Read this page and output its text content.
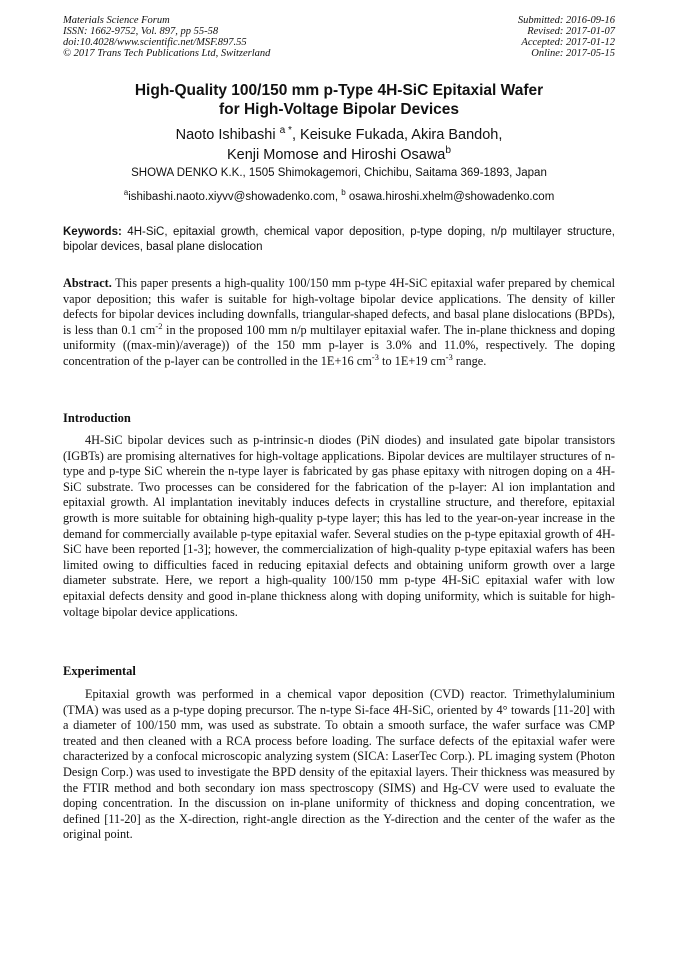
Materials Science Forum
ISSN: 1662-9752, Vol. 897, pp 55-58
doi:10.4028/www.scientific.net/MSF.897.55
© 2017 Trans Tech Publications Ltd, Switzerland
Submitted: 2016-09-16
Revised: 2017-01-07
Accepted: 2017-01-12
Online: 2017-05-15
High-Quality 100/150 mm p-Type 4H-SiC Epitaxial Wafer
for High-Voltage Bipolar Devices
Naoto Ishibashi $^{a *}$, Keisuke Fukada, Akira Bandoh,
Kenji Momose and Hiroshi Osawa$^b$
SHOWA DENKO K.K., 1505 Shimokagemori, Chichibu, Saitama 369-1893, Japan
$^a$ishibashi.naoto.xiyvv@showadenko.com, $^b$ osawa.hiroshi.xhelm@showadenko.com
Keywords: 4H-SiC, epitaxial growth, chemical vapor deposition, p-type doping, n/p multilayer structure, bipolar devices, basal plane dislocation
Abstract. This paper presents a high-quality 100/150 mm p-type 4H-SiC epitaxial wafer prepared by chemical vapor deposition; this wafer is suitable for high-voltage bipolar device applications. The density of killer defects for bipolar devices including downfalls, triangular-shaped defects, and basal plane dislocations (BPDs), is less than 0.1 $cm^{-2}$ in the proposed 100 mm n/p multilayer epitaxial wafer. The in-plane thickness and doping uniformity ((max-min)/average)) of the 150 mm p-layer is 3.0% and 11.0%, respectively. The doping concentration of the p-layer can be controlled in the 1E+16 $cm^{-3}$ to 1E+19 $cm^{-3}$ range.
Introduction
4H-SiC bipolar devices such as p-intrinsic-n diodes (PiN diodes) and insulated gate bipolar transistors (IGBTs) are promising alternatives for high-voltage applications. Bipolar devices are multilayer structures of n-type and p-type SiC wherein the n-type layer is fabricated by gas phase epitaxy with nitrogen doping on a 4H-SiC substrate. Two processes can be considered for the fabrication of the p-layer: Al ion implantation and epitaxial growth. Al implantation inevitably induces defects in crystalline structure, and therefore, epitaxial growth is more suitable for obtaining high-quality p-type layer; this has led to the year-on-year increase in the demand for commercially available p-type epitaxial wafer. Several studies on the p-type epitaxial growth of 4H-SiC have been reported [1-3]; however, the commercialization of high-quality p-type epitaxial wafers has been limited owing to difficulties faced in reducing epitaxial defects and obtaining uniform growth over a large diameter substrate. Here, we report a high-quality 100/150 mm p-type 4H-SiC epitaxial wafer with low epitaxial defects density and good in-plane thickness along with doping uniformity, which is suitable for high-voltage bipolar device applications.
Experimental
Epitaxial growth was performed in a chemical vapor deposition (CVD) reactor. Trimethylaluminium (TMA) was used as a p-type doping precursor. The n-type Si-face 4H-SiC, oriented by 4° towards [11-20] with a diameter of 100/150 mm, was used as substrate. To obtain a smooth surface, the wafer surface was CMP treated and then cleaned with a RCA process before loading. The surface defects of the epitaxial wafer were characterized by a confocal microscopic analyzing system (SICA: LaserTec Corp.). PL imaging system (Photon Design Corp.) was used to investigate the BPD density of the epitaxial layers. Their thickness was measured by the FTIR method and both secondary ion mass spectroscopy (SIMS) and Hg-CV were used to evaluate the doping concentration. In the discussion on in-plane uniformity of thickness and doping concentration, we defined [11-20] as the X-direction, right-angle direction as the Y-direction and the center of the wafer as the original point.
